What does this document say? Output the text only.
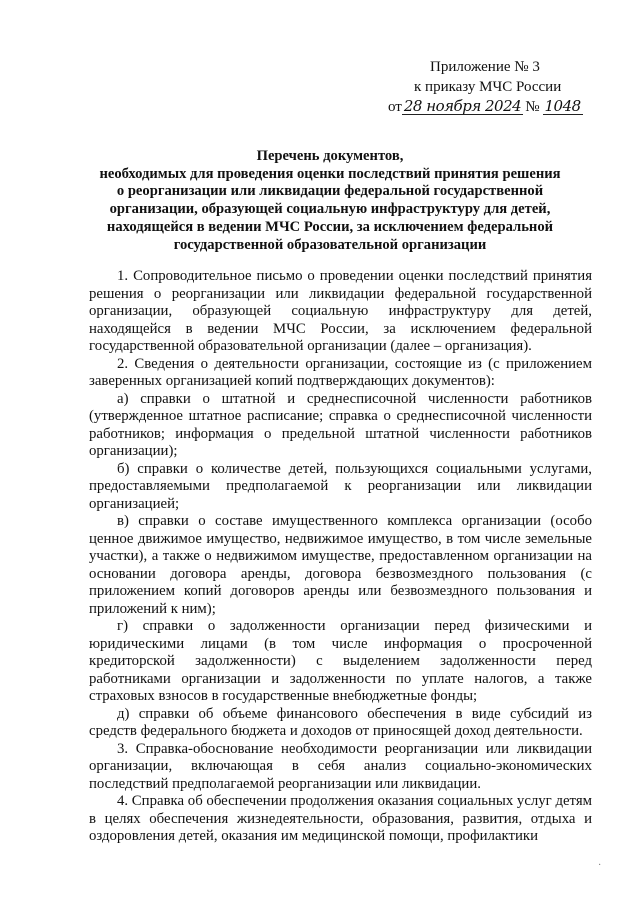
Приложение № 3
к приказу МЧС России
от 28 ноября 2024 № 1048
Перечень документов,
необходимых для проведения оценки последствий принятия решения
о реорганизации или ликвидации федеральной государственной
организации, образующей социальную инфраструктуру для детей,
находящейся в ведении МЧС России, за исключением федеральной
государственной образовательной организации

1. Сопроводительное письмо о проведении оценки последствий принятия решения о реорганизации или ликвидации федеральной государственной организации, образующей социальную инфраструктуру для детей, находящейся в ведении МЧС России, за исключением федеральной государственной образовательной организации (далее – организация).

2. Сведения о деятельности организации, состоящие из (с приложением заверенных организацией копий подтверждающих документов):

а) справки о штатной и среднесписочной численности работников (утвержденное штатное расписание; справка о среднесписочной численности работников; информация о предельной штатной численности работников организации);

б) справки о количестве детей, пользующихся социальными услугами, предоставляемыми предполагаемой к реорганизации или ликвидации организацией;

в) справки о составе имущественного комплекса организации (особо ценное движимое имущество, недвижимое имущество, в том числе земельные участки), а также о недвижимом имуществе, предоставленном организации на основании договора аренды, договора безвозмездного пользования (с приложением копий договоров аренды или безвозмездного пользования и приложений к ним);

г) справки о задолженности организации перед физическими и юридическими лицами (в том числе информация о просроченной кредиторской задолженности) с выделением задолженности перед работниками организации и задолженности по уплате налогов, а также страховых взносов в государственные внебюджетные фонды;

д) справки об объеме финансового обеспечения в виде субсидий из средств федерального бюджета и доходов от приносящей доход деятельности.

3. Справка-обоснование необходимости реорганизации или ликвидации организации, включающая в себя анализ социально-экономических последствий предполагаемой реорганизации или ликвидации.

4. Справка об обеспечении продолжения оказания социальных услуг детям в целях обеспечения жизнедеятельности, образования, развития, отдыха и оздоровления детей, оказания им медицинской помощи, профилактики

·
